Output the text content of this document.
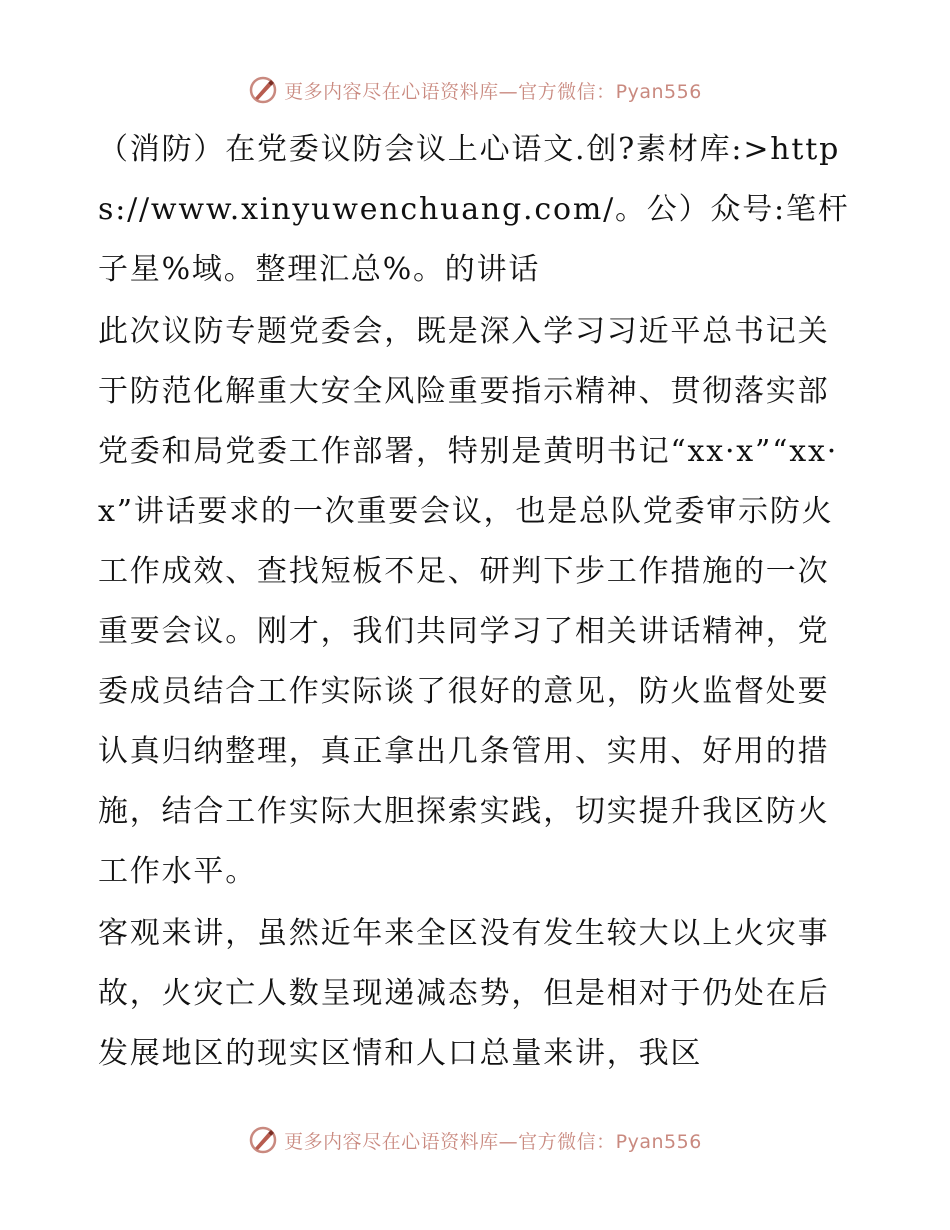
更多内容尽在心语资料库—官方微信：Pyan556

（消防）在党委议防会议上心语文.创?素材库:>https://www.xinyuwenchuang.com/。公）众号:笔杆子星%域。整理汇总%。的讲话

此次议防专题党委会，既是深入学习习近平总书记关于防范化解重大安全风险重要指示精神、贯彻落实部党委和局党委工作部署，特别是黄明书记“xx·x”“xx·x”讲话要求的一次重要会议，也是总队党委审示防火工作成效、查找短板不足、研判下步工作措施的一次重要会议。刚才，我们共同学习了相关讲话精神，党委成员结合工作实际谈了很好的意见，防火监督处要认真归纳整理，真正拿出几条管用、实用、好用的措施，结合工作实际大胆探索实践，切实提升我区防火工作水平。

客观来讲，虽然近年来全区没有发生较大以上火灾事故，火灾亡人数呈现递减态势，但是相对于仍处在后发展地区的现实区情和人口总量来讲，我区

更多内容尽在心语资料库—官方微信：Pyan556
